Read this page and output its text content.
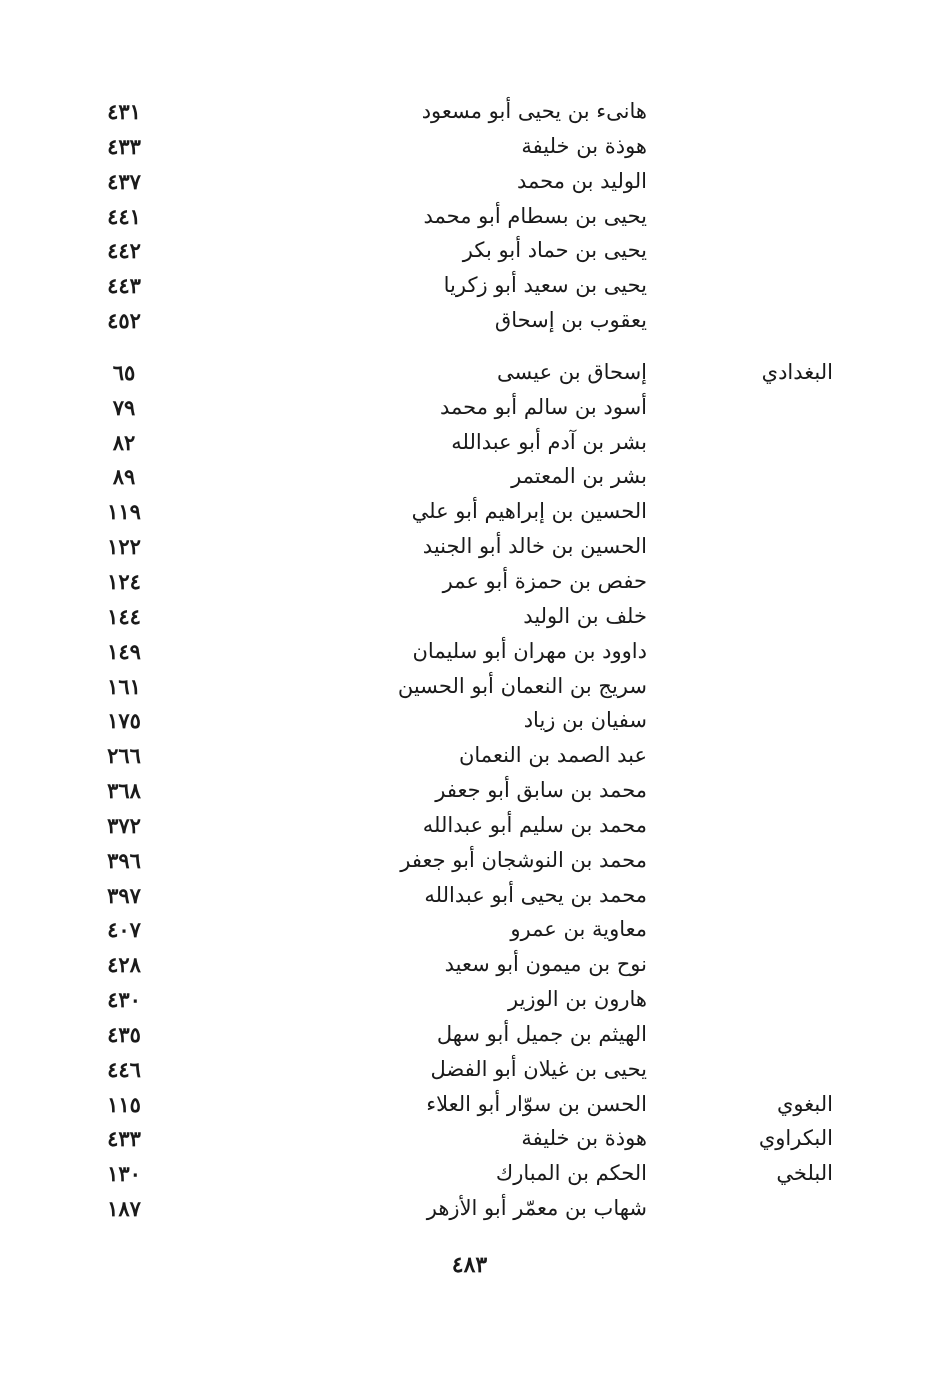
هانىء بن يحيى أبو مسعود
٤٣١
هوذة بن خليفة
٤٣٣
الوليد بن محمد
٤٣٧
يحيى بن بسطام أبو محمد
٤٤١
يحيى بن حماد أبو بكر
٤٤٢
يحيى بن سعيد أبو زكريا
٤٤٣
يعقوب بن إسحاق
٤٥٢
البغدادي
إسحاق بن عيسى
٦٥
أسود بن سالم أبو محمد
٧٩
بشر بن آدم أبو عبدالله
٨٢
بشر بن المعتمر
٨٩
الحسين بن إبراهيم أبو علي
١١٩
الحسين بن خالد أبو الجنيد
١٢٢
حفص بن حمزة أبو عمر
١٢٤
خلف بن الوليد
١٤٤
داوود بن مهران أبو سليمان
١٤٩
سريج بن النعمان أبو الحسين
١٦١
سفيان بن زياد
١٧٥
عبد الصمد بن النعمان
٢٦٦
محمد بن سابق أبو جعفر
٣٦٨
محمد بن سليم أبو عبدالله
٣٧٢
محمد بن النوشجان أبو جعفر
٣٩٦
محمد بن يحيى أبو عبدالله
٣٩٧
معاوية بن عمرو
٤٠٧
نوح بن ميمون أبو سعيد
٤٢٨
هارون بن الوزير
٤٣٠
الهيثم بن جميل أبو سهل
٤٣٥
يحيى بن غيلان أبو الفضل
٤٤٦
البغوي
الحسن بن سوّار أبو العلاء
١١٥
البكراوي
هوذة بن خليفة
٤٣٣
البلخي
الحكم بن المبارك
١٣٠
شهاب بن معمّر أبو الأزهر
١٨٧
٤٨٣
